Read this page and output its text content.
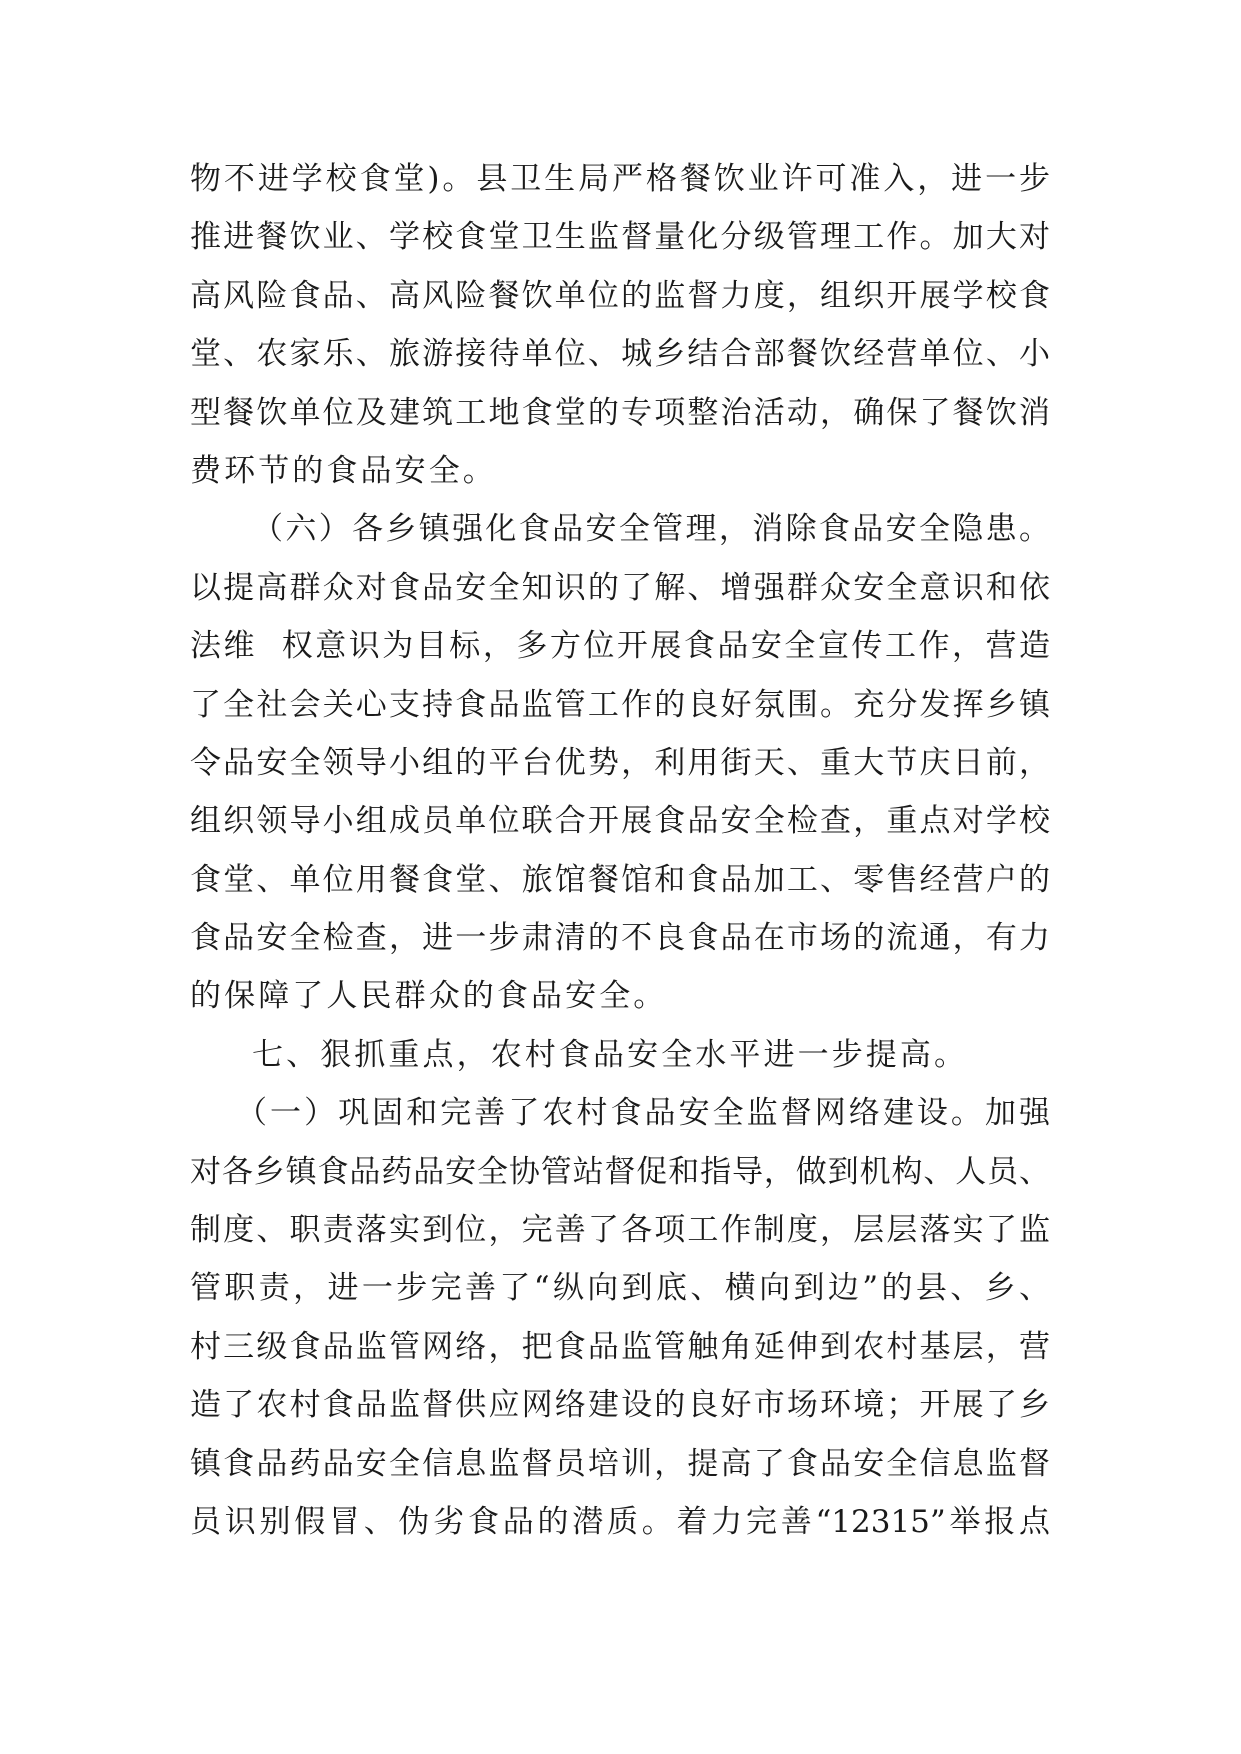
物不进学校食堂)。县卫生局严格餐饮业许可准入，进一步
推进餐饮业、学校食堂卫生监督量化分级管理工作。加大对
高风险食品、高风险餐饮单位的监督力度，组织开展学校食
堂、农家乐、旅游接待单位、城乡结合部餐饮经营单位、小
型餐饮单位及建筑工地食堂的专项整治活动，确保了餐饮消
费环节的食品安全。
（六）各乡镇强化食品安全管理，消除食品安全隐患。
以提高群众对食品安全知识的了解、增强群众安全意识和依
法维  权意识为目标，多方位开展食品安全宣传工作，营造
了全社会关心支持食品监管工作的良好氛围。充分发挥乡镇
令品安全领导小组的平台优势，利用街天、重大节庆日前，
组织领导小组成员单位联合开展食品安全检查，重点对学校
食堂、单位用餐食堂、旅馆餐馆和食品加工、零售经营户的
食品安全检查，进一步肃清的不良食品在市场的流通，有力
的保障了人民群众的食品安全。
七、狠抓重点，农村食品安全水平进一步提高。
（一）巩固和完善了农村食品安全监督网络建设。加强
对各乡镇食品药品安全协管站督促和指导，做到机构、人员、
制度、职责落实到位，完善了各项工作制度，层层落实了监
管职责，进一步完善了“纵向到底、横向到边”的县、乡、
村三级食品监管网络，把食品监管触角延伸到农村基层，营
造了农村食品监督供应网络建设的良好市场环境；开展了乡
镇食品药品安全信息监督员培训，提高了食品安全信息监督
员识别假冒、伪劣食品的潜质。着力完善“12315”举报点
